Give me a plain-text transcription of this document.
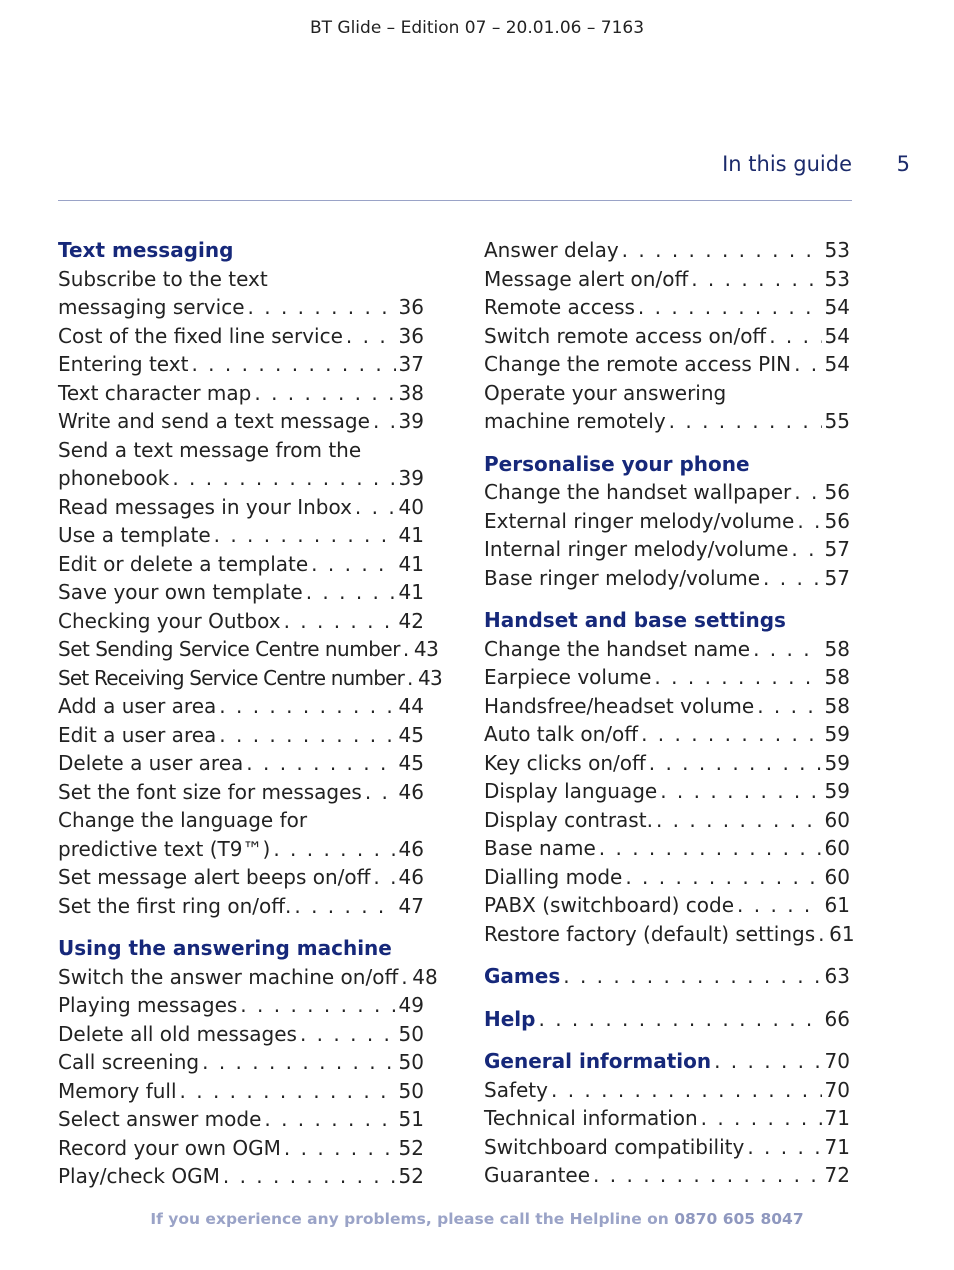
BT Glide – Edition 07 – 20.01.06 – 7163
In this guide	5
Text messaging
Subscribe to the text
messaging service . . .	36
Cost of the fixed line service . . .	36
Entering text . . .	37
Text character map . . .	38
Write and send a text message . . . 39
Send a text message from the
phonebook . . .	39
Read messages in your Inbox . . . 40
Use a template . . .	41
Edit or delete a template . . .	41
Save your own template . . .	41
Checking your Outbox . . .	42
Set Sending Service Centre number . . . 43
Set Receiving Service Centre number . . . 43
Add a user area . . .	44
Edit a user area . . .	45
Delete a user area . . .	45
Set the font size for messages . . . 46
Change the language for
predictive text (T9™) . . .	46
Set message alert beeps on/off . . . 46
Set the first ring on/off. . . .	47
Using the answering machine
Switch the answer machine on/off . . . 48
Playing messages . . .	49
Delete all old messages . . .	50
Call screening . . .	50
Memory full . . .	50
Select answer mode . . .	51
Record your own OGM . . .	52
Play/check OGM . . .	52
Answer delay . . .	53
Message alert on/off . . .	53
Remote access . . .	54
Switch remote access on/off . . .	54
Change the remote access PIN . . . 54
Operate your answering
machine remotely . . .	55
Personalise your phone
Change the handset wallpaper . . . 56
External ringer melody/volume . . . 56
Internal ringer melody/volume . . . 57
Base ringer melody/volume . . .	57
Handset and base settings
Change the handset name . . .	58
Earpiece volume . . .	58
Handsfree/headset volume . . .	58
Auto talk on/off . . .	59
Key clicks on/off . . .	59
Display language . . .	59
Display contrast. . . .	60
Base name . . .	60
Dialling mode . . .	60
PABX (switchboard) code . . .	61
Restore factory (default) settings . . . 61
Games . . .	63
Help . . .	66
General information . . .	70
Safety . . .	70
Technical information . . .	71
Switchboard compatibility . . .	71
Guarantee . . .	72
If you experience any problems, please call the Helpline on 0870 605 8047
